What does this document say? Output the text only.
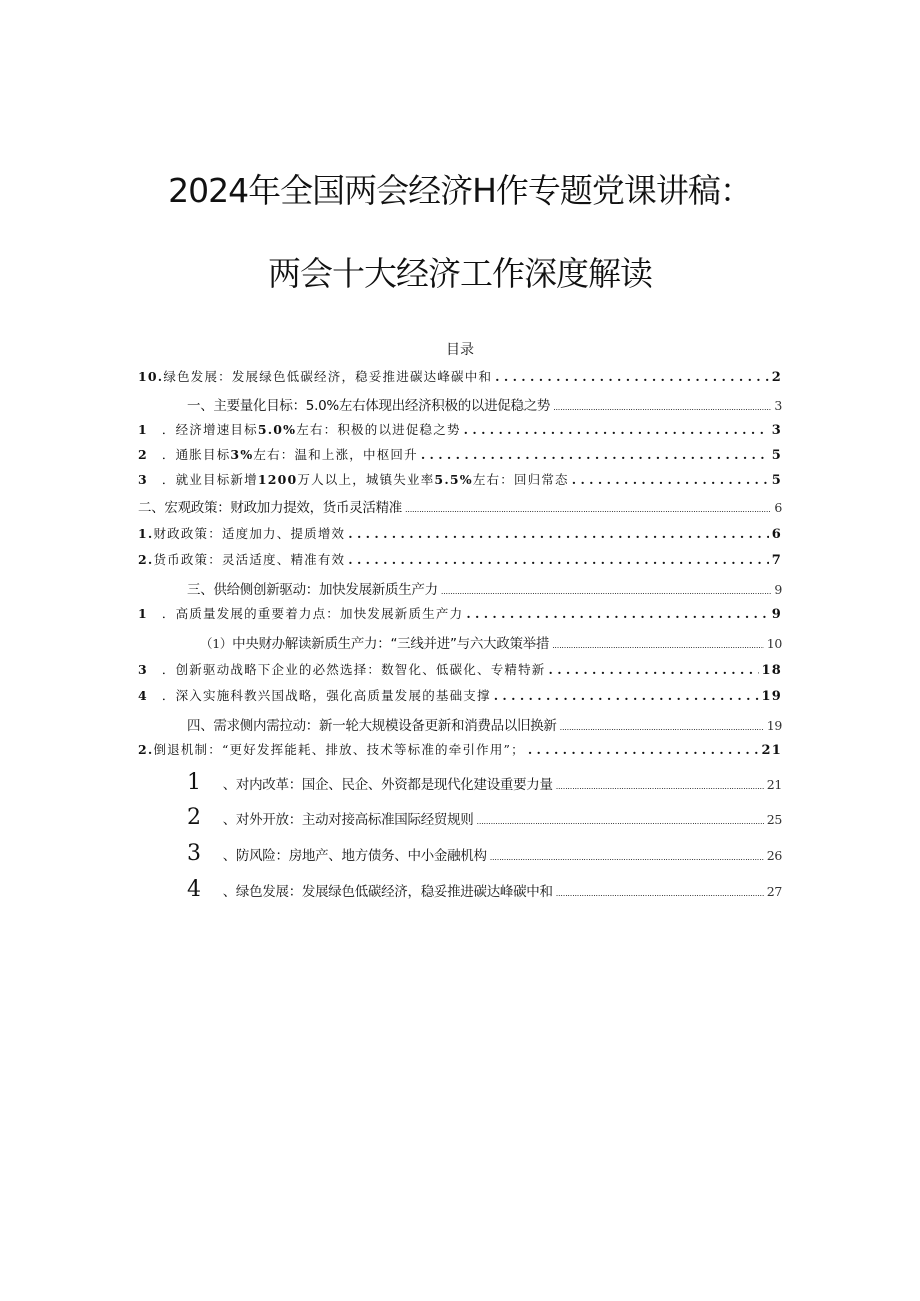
2024年全国两会经济H作专题党课讲稿：
两会十大经济工作深度解读
目录
10. 绿色发展：发展绿色低碳经济，稳妥推进碳达峰碳中和 . . .	2
一、 主要量化目标：5.0%左右体现出经济积极的以进促稳之势 .....	3
1 ．经济增速目标5.0%左右：积极的以进促稳之势 . . .	3
2 ．通胀目标3%左右：温和上涨，中枢回升 . . .	5
3 ．就业目标新增1200万人以上，城镇失业率5.5%左右：回归常态 . . .	5
二、 宏观政策：财政加力提效，货币灵活精准 .....	6
1. 财政政策：适度加力、提质增效 . . .	6
2. 货币政策：灵活适度、精准有效 . . .	7
三、 供给侧创新驱动：加快发展新质生产力 .....	9
1 ．高质量发展的重要着力点：加快发展新质生产力 . . .	9
（1） 中央财办解读新质生产力：“三线并进”与六大政策举措 .....	10
3 ．创新驱动战略下企业的必然选择：数智化、低碳化、专精特新 . . .	18
4 ．深入实施科教兴国战略，强化高质量发展的基础支撑 . . .	19
四、 需求侧内需拉动：新一轮大规模设备更新和消费品以旧换新 .....	19
2. 倒退机制：“更好发挥能耗、排放、技术等标准的牵引作用”； . . .	21
1 、对内改革：国企、民企、外资都是现代化建设重要力量 .....	21
2 、对外开放：主动对接高标准国际经贸规则 .....	25
3 、防风险：房地产、地方债务、中小金融机构 .....	26
4 、绿色发展：发展绿色低碳经济，稳妥推进碳达峰碳中和 .....	27
